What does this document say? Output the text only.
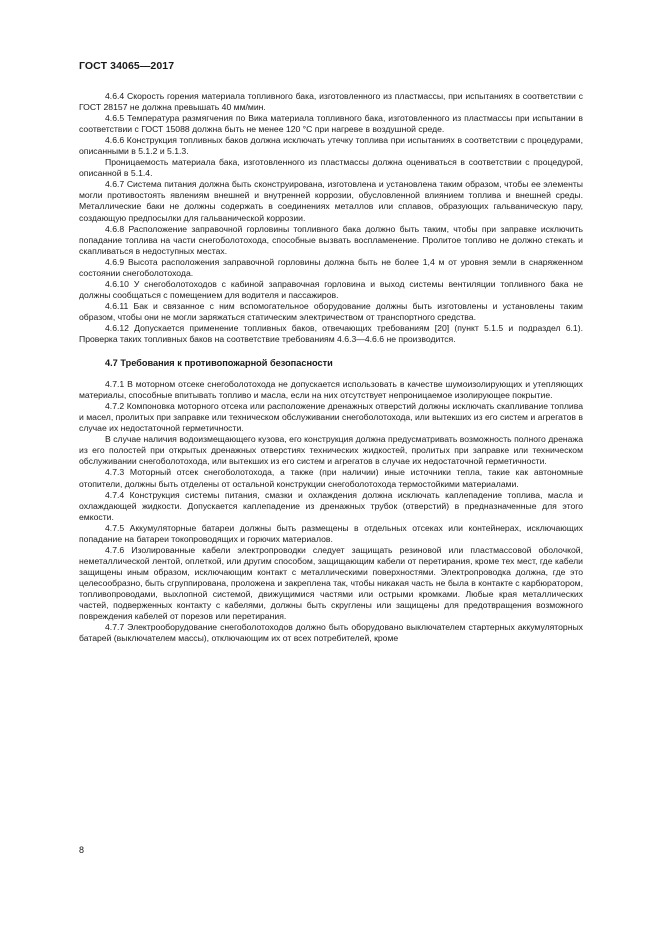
ГОСТ 34065—2017

4.6.4 Скорость горения материала топливного бака, изготовленного из пластмассы, при испытаниях в соответствии с ГОСТ 28157 не должна превышать 40 мм/мин.

4.6.5 Температура размягчения по Вика материала топливного бака, изготовленного из пластмассы при испытании в соответствии с ГОСТ 15088 должна быть не менее 120 °С при нагреве в воздушной среде.

4.6.6 Конструкция топливных баков должна исключать утечку топлива при испытаниях в соответствии с процедурами, описанными в 5.1.2 и 5.1.3.

Проницаемость материала бака, изготовленного из пластмассы должна оцениваться в соответствии с процедурой, описанной в 5.1.4.

4.6.7 Система питания должна быть сконструирована, изготовлена и установлена таким образом, чтобы ее элементы могли противостоять явлениям внешней и внутренней коррозии, обусловленной влиянием топлива и внешней среды. Металлические баки не должны содержать в соединениях металлов или сплавов, образующих гальваническую пару, создающую предпосылки для гальванической коррозии.

4.6.8 Расположение заправочной горловины топливного бака должно быть таким, чтобы при заправке исключить попадание топлива на части снегоболотохода, способные вызвать воспламенение. Пролитое топливо не должно стекать и скапливаться в недоступных местах.

4.6.9 Высота расположения заправочной горловины должна быть не более 1,4 м от уровня земли в снаряженном состоянии снегоболотохода.

4.6.10 У снегоболотоходов с кабиной заправочная горловина и выход системы вентиляции топливного бака не должны сообщаться с помещением для водителя и пассажиров.

4.6.11 Бак и связанное с ним вспомогательное оборудование должны быть изготовлены и установлены таким образом, чтобы они не могли заряжаться статическим электричеством от транспортного средства.

4.6.12 Допускается применение топливных баков, отвечающих требованиям [20] (пункт 5.1.5 и подраздел 6.1). Проверка таких топливных баков на соответствие требованиям 4.6.3—4.6.6 не производится.

4.7 Требования к противопожарной безопасности

4.7.1 В моторном отсеке снегоболотохода не допускается использовать в качестве шумоизолирующих и утепляющих материалы, способные впитывать топливо и масла, если на них отсутствует непроницаемое изолирующее покрытие.

4.7.2 Компоновка моторного отсека или расположение дренажных отверстий должны исключать скапливание топлива и масел, пролитых при заправке или техническом обслуживании снегоболотохода, или вытекших из его систем и агрегатов в случае их недостаточной герметичности.

В случае наличия водоизмещающего кузова, его конструкция должна предусматривать возможность полного дренажа из его полостей при открытых дренажных отверстиях технических жидкостей, пролитых при заправке или техническом обслуживании снегоболотохода, или вытекших из его систем и агрегатов в случае их недостаточной герметичности.

4.7.3 Моторный отсек снегоболотохода, а также (при наличии) иные источники тепла, такие как автономные отопители, должны быть отделены от остальной конструкции снегоболотохода термостойкими материалами.

4.7.4 Конструкция системы питания, смазки и охлаждения должна исключать каплепадение топлива, масла и охлаждающей жидкости. Допускается каплепадение из дренажных трубок (отверстий) в предназначенные для этого емкости.

4.7.5 Аккумуляторные батареи должны быть размещены в отдельных отсеках или контейнерах, исключающих попадание на батареи токопроводящих и горючих материалов.

4.7.6 Изолированные кабели электропроводки следует защищать резиновой или пластмассовой оболочкой, неметаллической лентой, оплеткой, или другим способом, защищающим кабели от перетирания, кроме тех мест, где кабели защищены иным образом, исключающим контакт с металлическими поверхностями. Электропроводка должна, где это целесообразно, быть сгруппирована, проложена и закреплена так, чтобы никакая часть не была в контакте с карбюратором, топливопроводами, выхлопной системой, движущимися частями или острыми кромками. Любые края металлических частей, подверженных контакту с кабелями, должны быть скруглены или защищены для предотвращения возможного повреждения кабелей от порезов или перетирания.

4.7.7 Электрооборудование снегоболотоходов должно быть оборудовано выключателем стартерных аккумуляторных батарей (выключателем массы), отключающим их от всех потребителей, кроме

8
